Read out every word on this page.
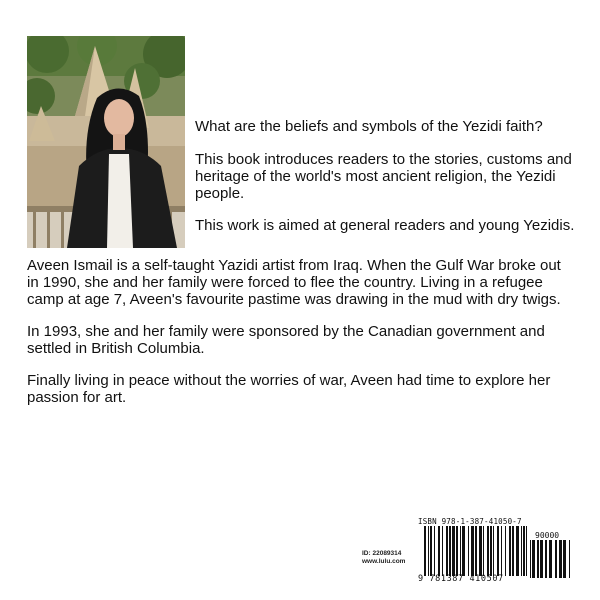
What are the beliefs and symbols of the Yezidi faith?

This book introduces readers to the stories, customs and heritage of the world's most ancient religion, the Yezidi people.

This work is aimed at general readers and young Yezidis.

Aveen Ismail is a self-taught Yazidi artist from Iraq. When the Gulf War broke out in 1990, she and her family were forced to flee the country. Living in a refugee camp at age 7, Aveen's favourite pastime was drawing in the mud with dry twigs.

In 1993, she and her family were sponsored by the Canadian government and settled in British Columbia.

Finally living in peace without the worries of war, Aveen had time to explore her passion for art.

ID: 22089314
www.lulu.com
ISBN 978-1-387-41050-7
90000
9 781387 410507
